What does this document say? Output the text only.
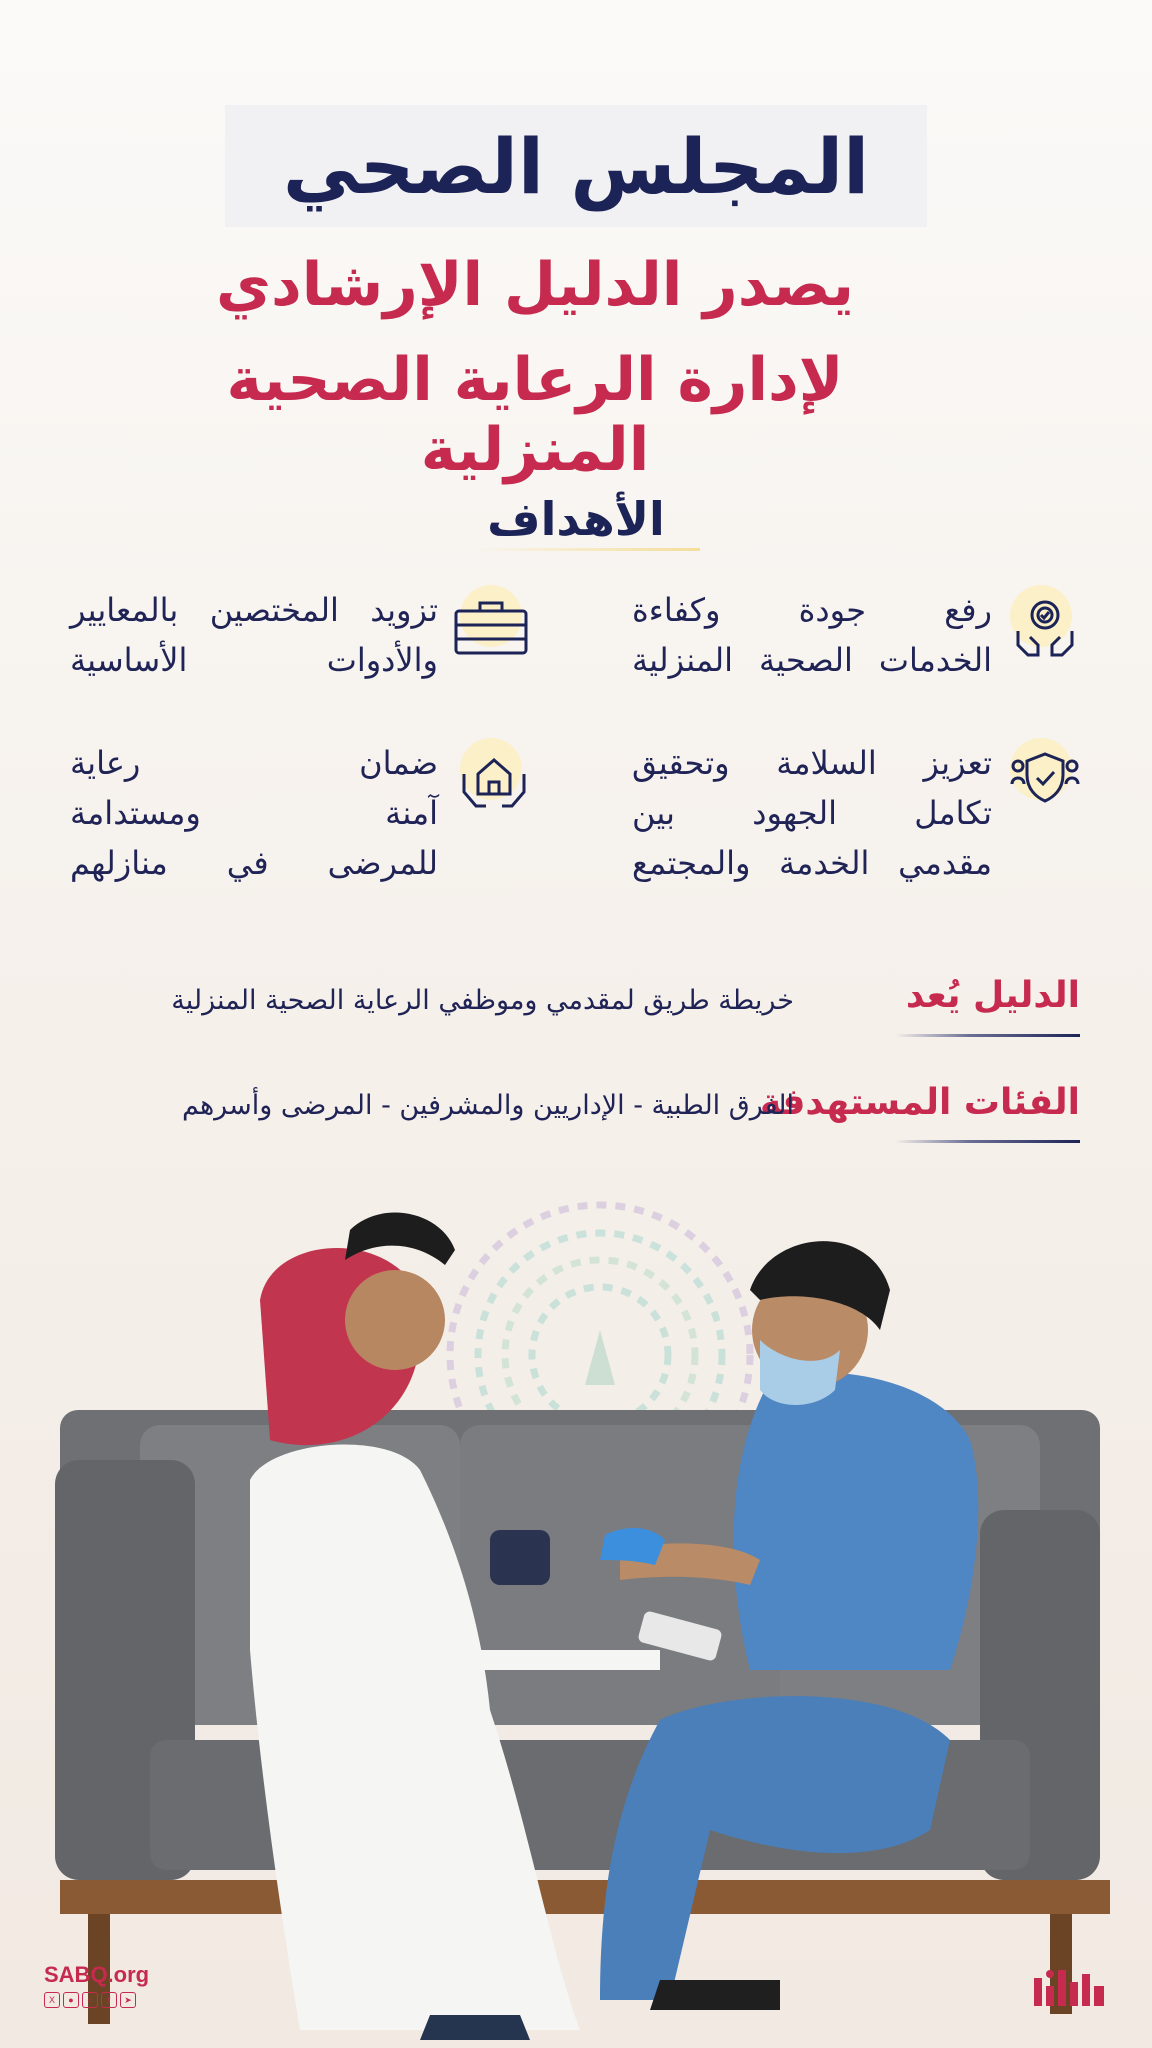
المجلس الصحي
يصدر الدليل الإرشادي
لإدارة الرعاية الصحية المنزلية
الأهداف
رفع جودة وكفاءة
الخدمات الصحية المنزلية
تزويد المختصين بالمعايير
والأدوات الأساسية
تعزيز السلامة وتحقيق
تكامل الجهود بين
مقدمي الخدمة والمجتمع
ضمان رعاية
آمنة ومستدامة
للمرضى في منازلهم
الدليل يُعد
خريطة طريق لمقدمي وموظفي الرعاية الصحية المنزلية
الفئات المستهدفة
الفرق الطبية - الإداريين والمشرفين - المرضى وأسرهم
SABQ.org
X	●	○	f	➤
